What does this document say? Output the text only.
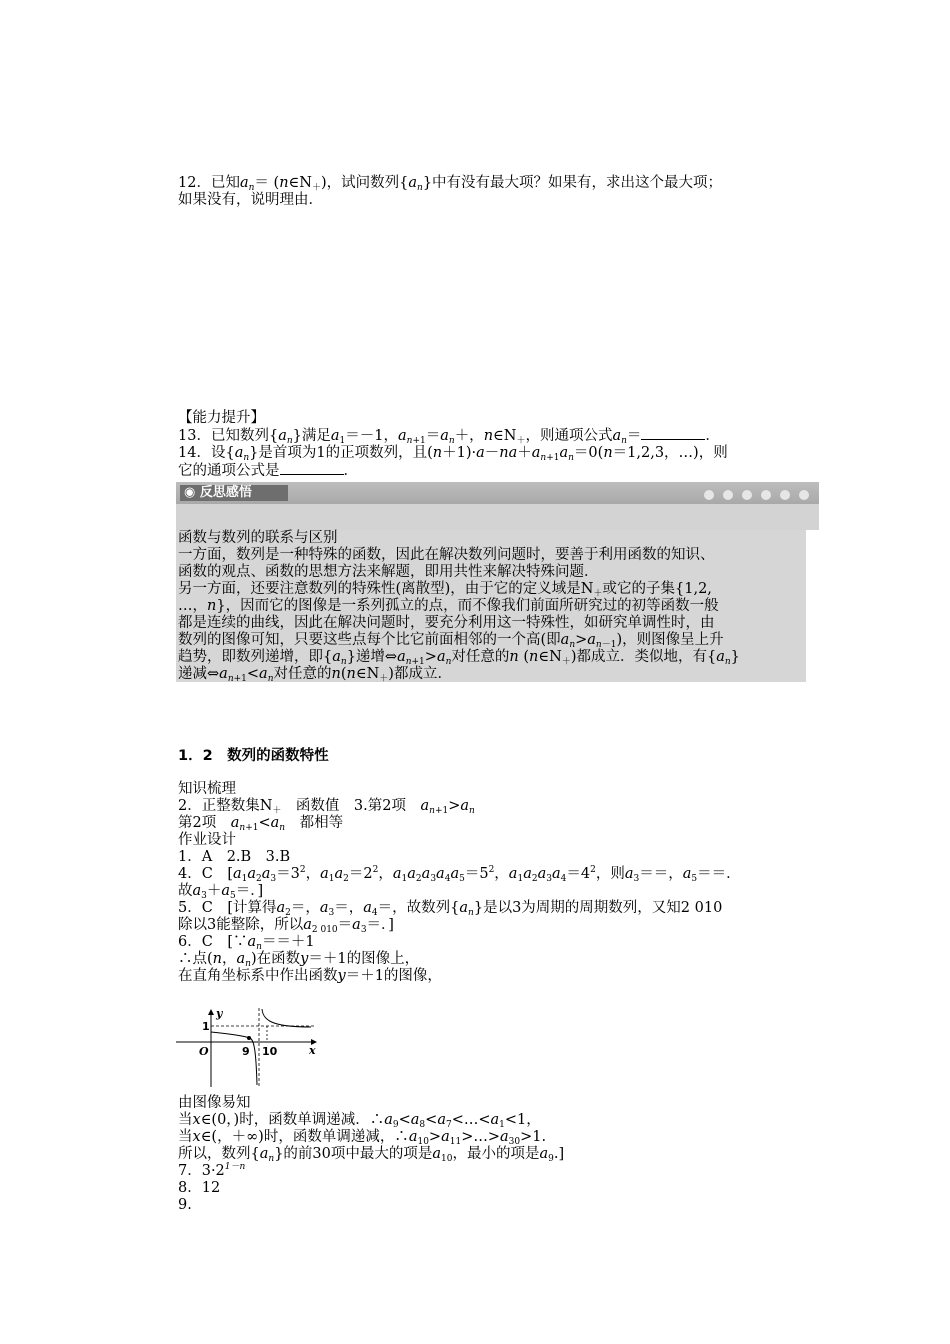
12．已知$a_n=$ $(n\in N_+)$，试问数列$\{a_n\}$中有没有最大项？如果有，求出这个最大项；
如果没有，说明理由．
【能力提升】
13．已知数列$\{a_n\}$满足$a_1=-1$，$a_{n+1}=a_n+$，$n\in N_+$，则通项公式$a_n=$	．
14．设$\{a_n\}$是首项为1的正项数列，且$(n+1)\cdot a-na+a_{n+1}a_n=0(n=1,2,3$，…)，则
它的通项公式是	．
◉ 反思感悟
函数与数列的联系与区别
一方面，数列是一种特殊的函数，因此在解决数列问题时，要善于利用函数的知识、
函数的观点、函数的思想方法来解题，即用共性来解决特殊问题．
另一方面，还要注意数列的特殊性(离散型)，由于它的定义域是$N_+$或它的子集{1,2,
…，n}，因而它的图像是一系列孤立的点，而不像我们前面所研究过的初等函数一般
都是连续的曲线，因此在解决问题时，要充分利用这一特殊性，如研究单调性时，由
数列的图像可知，只要这些点每个比它前面相邻的一个高(即$a_n>a_{n-1}$)，则图像呈上升
趋势，即数列递增，即$\{a_n\}$递增$\Leftrightarrow a_{n+1}>a_n$对任意的n $(n\in N_+)$都成立．类似地，有$\{a_n\}$
递减$\Leftrightarrow a_{n+1}<a_n$对任意的$n(n\in N_+)$都成立．
1．2　数列的函数特性
知识梳理
2．正整数集$N_+$　函数值　3.第2项　$a_{n+1}>a_n$
第2项　$a_{n+1}<a_n$　都相等
作业设计
1．A　2.B　3.B
4．C　[$a_1a_2a_3=3^2$，$a_1a_2=2^2$，$a_1a_2a_3a_4a_5=5^2$，$a_1a_2a_3a_4=4^2$，则$a_3==$，$a_5==$．
故$a_3+a_5=$．]
5．C　[计算得$a_2=$，$a_3=$，$a_4=$，故数列$\{a_n\}$是以3为周期的周期数列，又知2 010
除以3能整除，所以$a_{2 010}=a_3=$．]
6．C　[$\because a_n==+1$
∴点(n，$a_n$)在函数y＝＋1的图像上，
在直角坐标系中作出函数y＝＋1的图像，
y
x
O
1
9 10
由图像易知
当x∈(0，)时，函数单调递减．$\therefore a_9<a_8<a_7<\dots<a_1<1$，
当x∈(，＋∞)时，函数单调递减，$\therefore a_{10}>a_{11}>\dots>a_{30}>1$.
所以，数列$\{a_n\}$的前30项中最大的项是$a_{10}$，最小的项是$a_9$.]
7．$3\cdot 2^{1-n}$
8．12
9.
